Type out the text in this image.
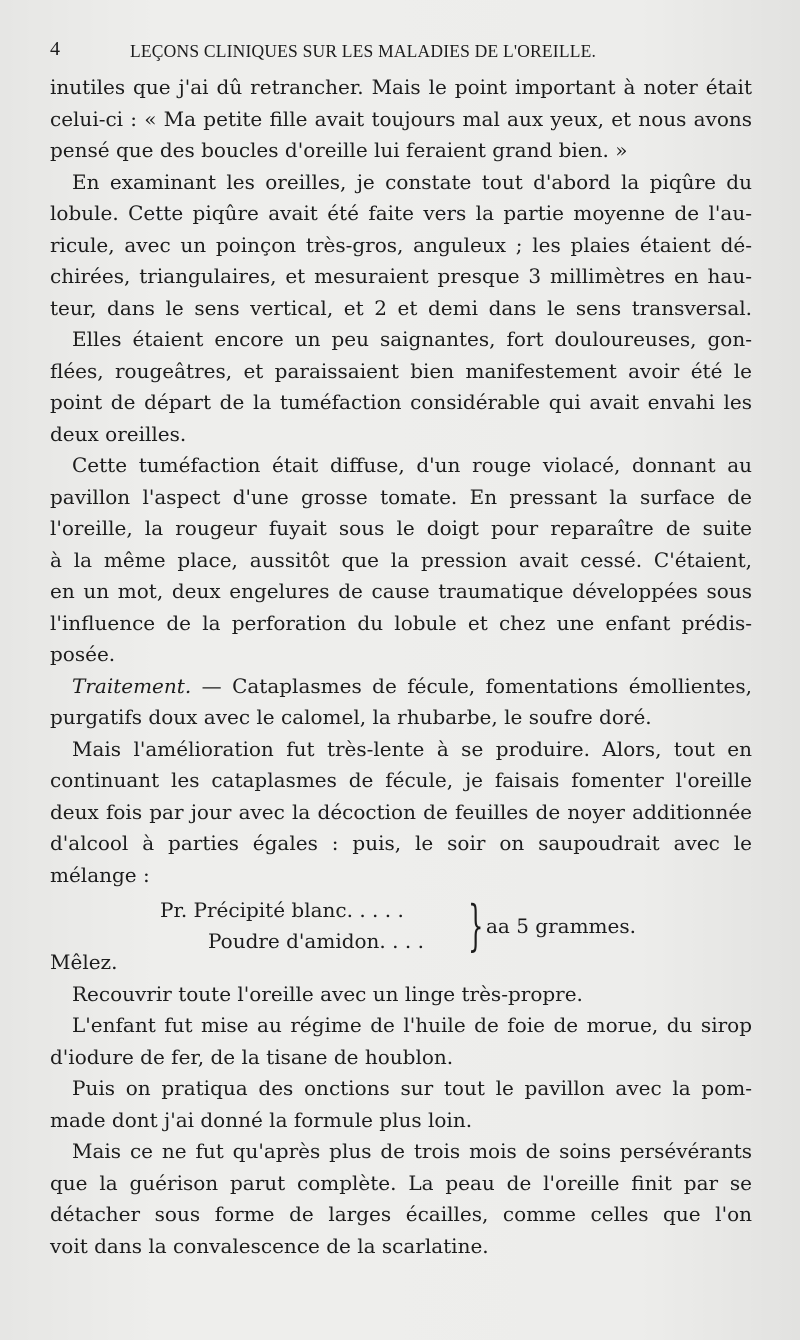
4	LEÇONS CLINIQUES SUR LES MALADIES DE L'OREILLE.

inutiles que j'ai dû retrancher. Mais le point important à noter était
celui-ci : « Ma petite fille avait toujours mal aux yeux, et nous avons
pensé que des boucles d'oreille lui feraient grand bien. »

En examinant les oreilles, je constate tout d'abord la piqûre du
lobule. Cette piqûre avait été faite vers la partie moyenne de l'au-
ricule, avec un poinçon très-gros, anguleux ; les plaies étaient dé-
chirées, triangulaires, et mesuraient presque 3 millimètres en hau-
teur, dans le sens vertical, et 2 et demi dans le sens transversal.

Elles étaient encore un peu saignantes, fort douloureuses, gon-
flées, rougeâtres, et paraissaient bien manifestement avoir été le
point de départ de la tuméfaction considérable qui avait envahi les
deux oreilles.

Cette tuméfaction était diffuse, d'un rouge violacé, donnant au
pavillon l'aspect d'une grosse tomate. En pressant la surface de
l'oreille, la rougeur fuyait sous le doigt pour reparaître de suite
à la même place, aussitôt que la pression avait cessé. C'étaient,
en un mot, deux engelures de cause traumatique développées sous
l'influence de la perforation du lobule et chez une enfant prédis-
posée.

Traitement. — Cataplasmes de fécule, fomentations émollientes,
purgatifs doux avec le calomel, la rhubarbe, le soufre doré.

Mais l'amélioration fut très-lente à se produire. Alors, tout en
continuant les cataplasmes de fécule, je faisais fomenter l'oreille
deux fois par jour avec la décoction de feuilles de noyer additionnée
d'alcool à parties égales : puis, le soir on saupoudrait avec le
mélange :

Pr. Précipité blanc. . . . .
Poudre d'amidon. . . . } aa 5 grammes.

Mêlez.

Recouvrir toute l'oreille avec un linge très-propre.

L'enfant fut mise au régime de l'huile de foie de morue, du sirop
d'iodure de fer, de la tisane de houblon.

Puis on pratiqua des onctions sur tout le pavillon avec la pom-
made dont j'ai donné la formule plus loin.

Mais ce ne fut qu'après plus de trois mois de soins persévérants
que la guérison parut complète. La peau de l'oreille finit par se
détacher sous forme de larges écailles, comme celles que l'on
voit dans la convalescence de la scarlatine.
